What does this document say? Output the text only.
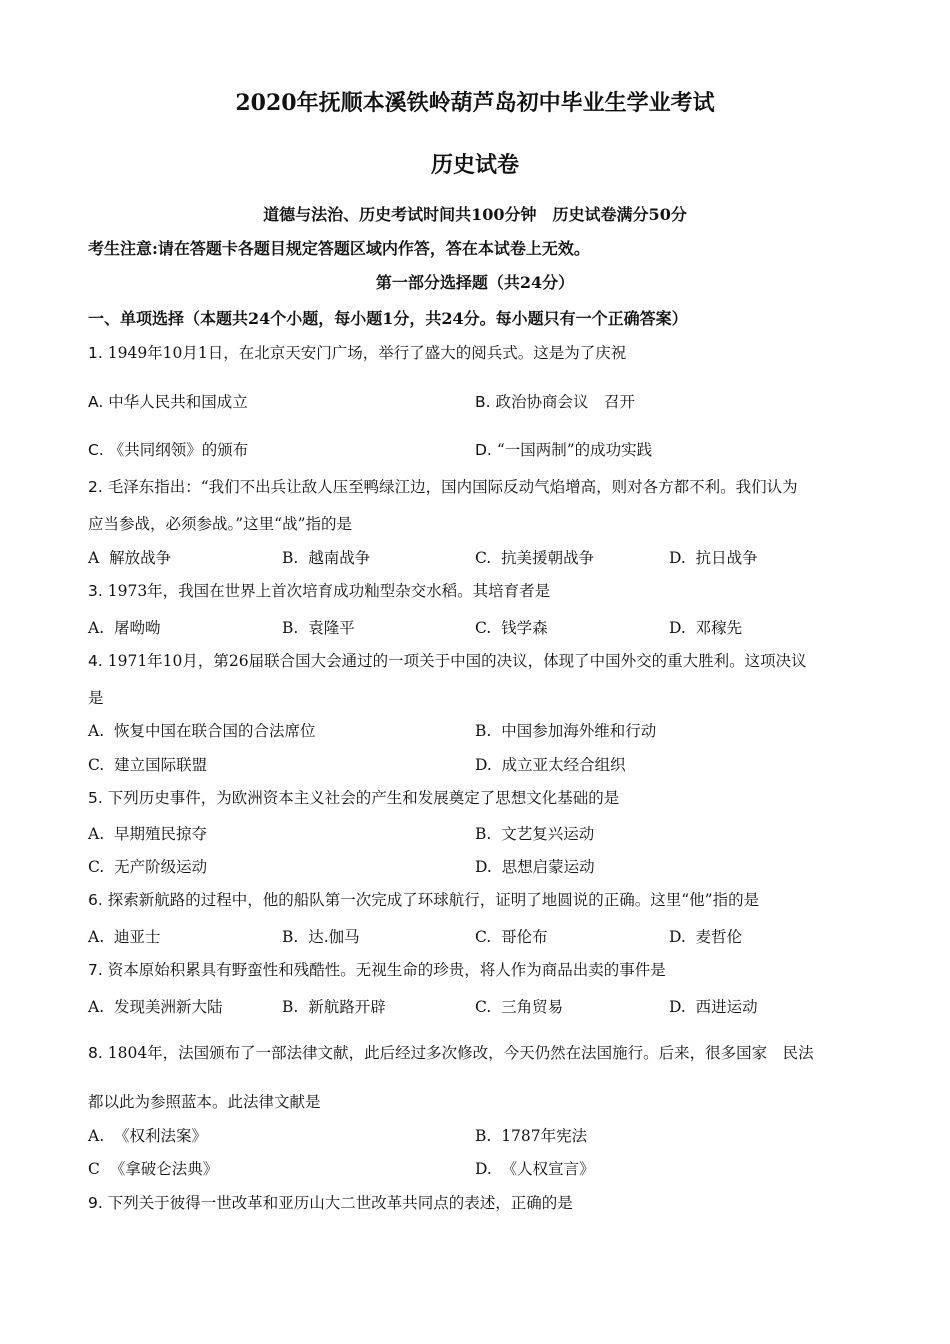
2020年抚顺本溪铁岭葫芦岛初中毕业生学业考试
历史试卷
道德与法治、历史考试时间共100分钟　历史试卷满分50分
考生注意:请在答题卡各题目规定答题区域内作答，答在本试卷上无效。
第一部分选择题（共24分）
一、单项选择（本题共24个小题，每小题1分，共24分。每小题只有一个正确答案）
1. 1949年10月1日，在北京天安门广场，举行了盛大的阅兵式。这是为了庆祝
A. 中华人民共和国成立	B. 政治协商会议　召开
C. 《共同纲领》的颁布	D. “一国两制”的成功实践
2. 毛泽东指出：“我们不出兵让敌人压至鸭绿江边，国内国际反动气焰增高，则对各方都不利。我们认为
应当参战，必须参战。”这里“战”指的是
A 解放战争	B. 越南战争	C. 抗美援朝战争	D. 抗日战争
3. 1973年，我国在世界上首次培育成功籼型杂交水稻。其培育者是
A. 屠呦呦	B. 袁隆平	C. 钱学森	D. 邓稼先
4. 1971年10月，第26届联合国大会通过的一项关于中国的决议，体现了中国外交的重大胜利。这项决议
是
A. 恢复中国在联合国的合法席位	B. 中国参加海外维和行动
C. 建立国际联盟	D. 成立亚太经合组织
5. 下列历史事件，为欧洲资本主义社会的产生和发展奠定了思想文化基础的是
A. 早期殖民掠夺	B. 文艺复兴运动
C. 无产阶级运动	D. 思想启蒙运动
6. 探索新航路的过程中，他的船队第一次完成了环球航行，证明了地圆说的正确。这里“他”指的是
A. 迪亚士	B. 达.伽马	C. 哥伦布	D. 麦哲伦
7. 资本原始积累具有野蛮性和残酷性。无视生命的珍贵，将人作为商品出卖的事件是
A. 发现美洲新大陆	B. 新航路开辟	C. 三角贸易	D. 西进运动
8. 1804年，法国颁布了一部法律文献，此后经过多次修改，今天仍然在法国施行。后来，很多国家　民法
都以此为参照蓝本。此法律文献是
A. 《权利法案》	B. 1787年宪法
C 《拿破仑法典》	D. 《人权宣言》
9. 下列关于彼得一世改革和亚历山大二世改革共同点的表述，正确的是
